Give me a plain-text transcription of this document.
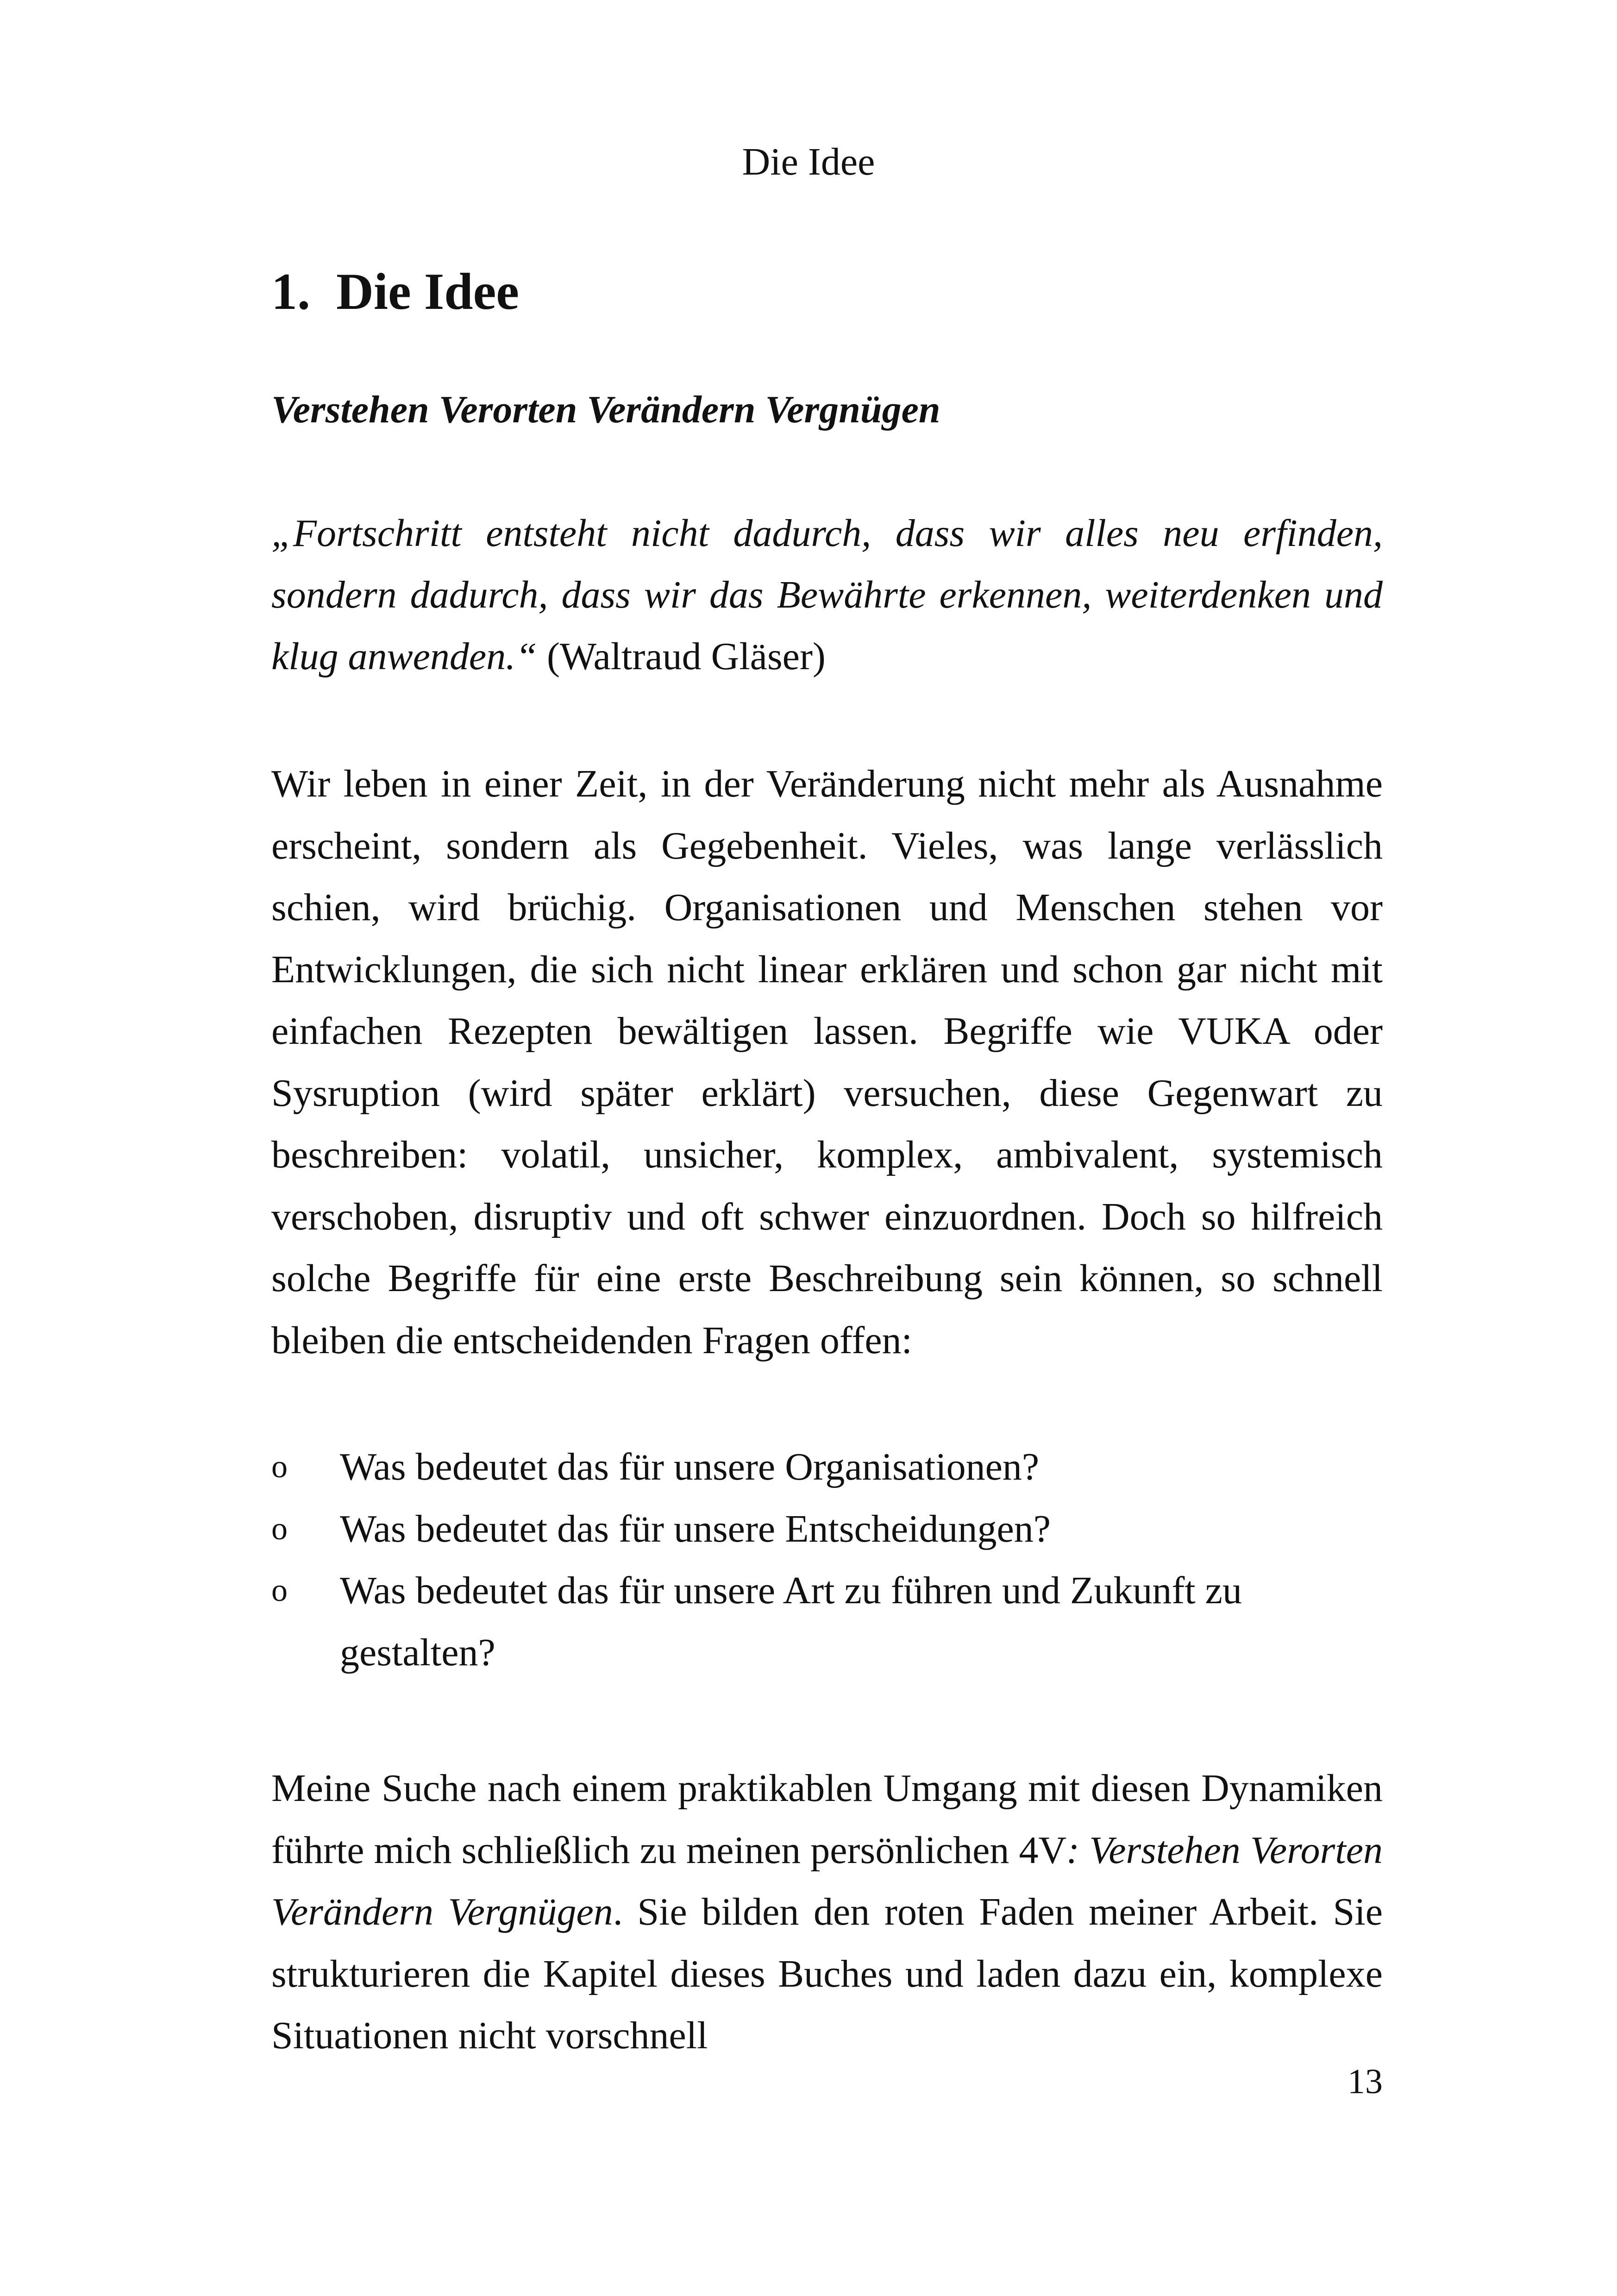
Die Idee
1. Die Idee

Verstehen Verorten Verändern Vergnügen

„Fortschritt entsteht nicht dadurch, dass wir alles neu erfinden, sondern dadurch, dass wir das Bewährte erkennen, weiterdenken und klug anwenden.“ (Waltraud Gläser)

Wir leben in einer Zeit, in der Veränderung nicht mehr als Ausnahme erscheint, sondern als Gegebenheit. Vieles, was lange verlässlich schien, wird brüchig. Organisationen und Menschen stehen vor Entwicklungen, die sich nicht linear erklären und schon gar nicht mit einfachen Rezepten bewältigen lassen. Begriffe wie VUKA oder Sysruption (wird später erklärt) versuchen, diese Gegenwart zu beschreiben: volatil, unsicher, komplex, ambivalent, systemisch verschoben, disruptiv und oft schwer einzuordnen. Doch so hilfreich solche Begriffe für eine erste Beschreibung sein können, so schnell bleiben die entscheidenden Fragen offen:

o	Was bedeutet das für unsere Organisationen?
o	Was bedeutet das für unsere Entscheidungen?
o	Was bedeutet das für unsere Art zu führen und Zukunft zu gestalten?

Meine Suche nach einem praktikablen Umgang mit diesen Dynamiken führte mich schließlich zu meinen persönlichen 4V: Verstehen Verorten Verändern Vergnügen. Sie bilden den roten Faden meiner Arbeit. Sie strukturieren die Kapitel dieses Buches und laden dazu ein, komplexe Situationen nicht vorschnell

13
